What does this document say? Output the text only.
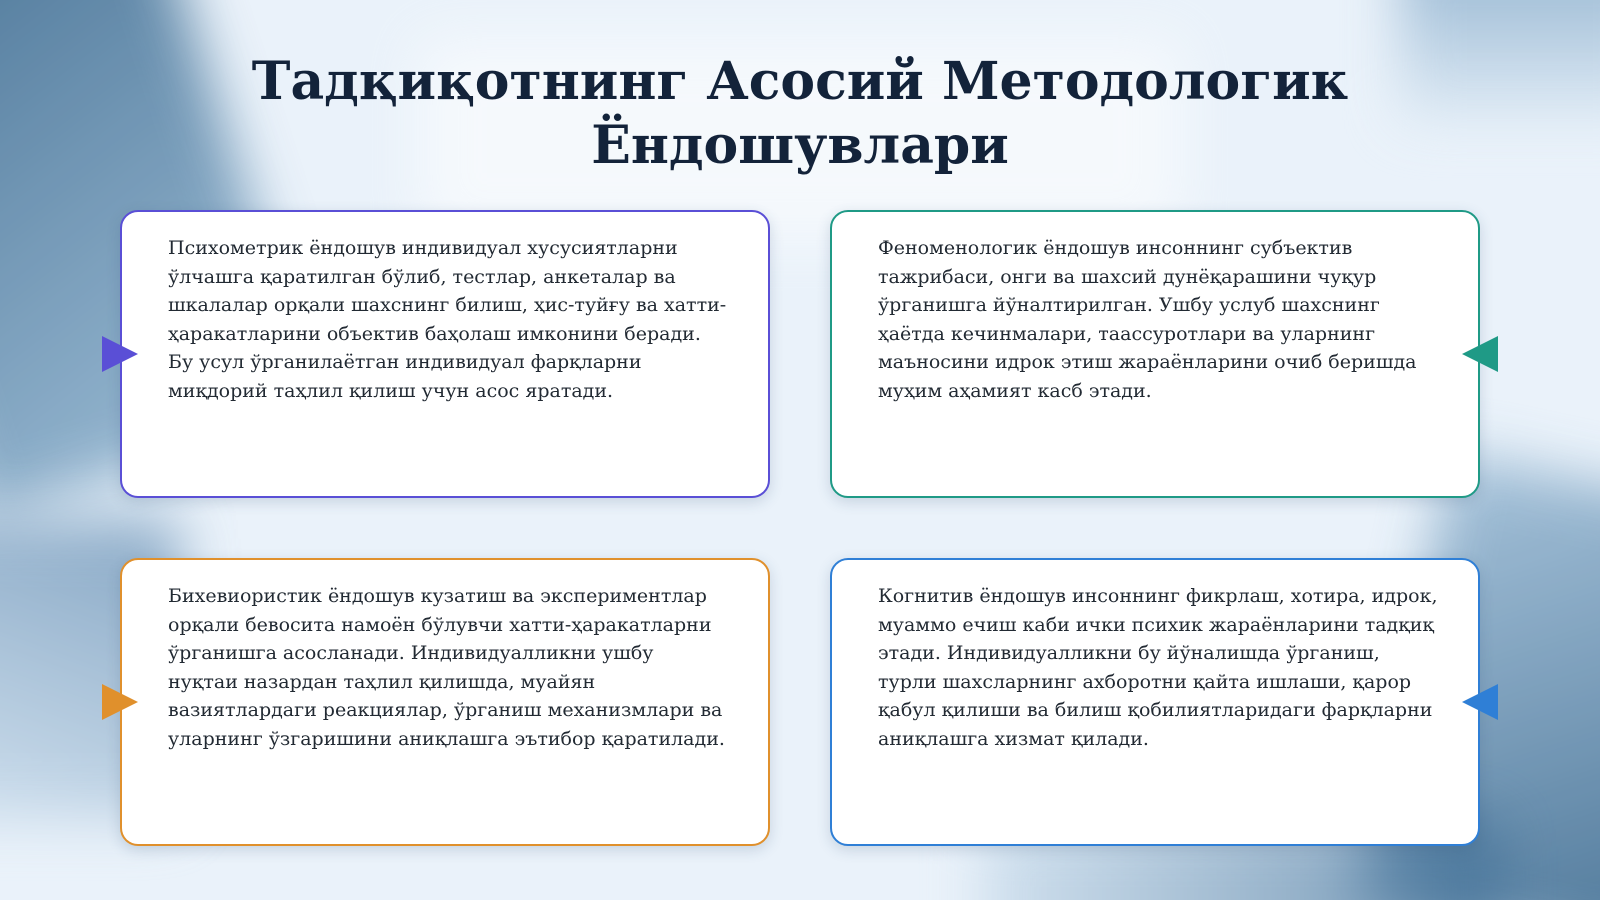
Тадқиқотнинг Асосий Методологик
Ёндошувлари

Психометрик ёндошув индивидуал хусусиятларни ўлчашга қаратилган бўлиб, тестлар, анкеталар ва шкалалар орқали шахснинг билиш, ҳис-туйғу ва хатти-ҳаракатларини объектив баҳолаш имконини беради. Бу усул ўрганилаётган индивидуал фарқларни миқдорий таҳлил қилиш учун асос яратади.

Феноменологик ёндошув инсоннинг субъектив тажрибаси, онги ва шахсий дунёқарашини чуқур ўрганишга йўналтирилган. Ушбу услуб шахснинг ҳаётда кечинмалари, таассуротлари ва уларнинг маъносини идрок этиш жараёнларини очиб беришда муҳим аҳамият касб этади.

Бихевиористик ёндошув кузатиш ва экспериментлар орқали бевосита намоён бўлувчи хатти-ҳаракатларни ўрганишга асосланади. Индивидуалликни ушбу нуқтаи назардан таҳлил қилишда, муайян вазиятлардаги реакциялар, ўрганиш механизмлари ва уларнинг ўзгаришини аниқлашга эътибор қаратилади.

Когнитив ёндошув инсоннинг фикрлаш, хотира, идрок, муаммо ечиш каби ички психик жараёнларини тадқиқ этади. Индивидуалликни бу йўналишда ўрганиш, турли шахсларнинг ахборотни қайта ишлаши, қарор қабул қилиши ва билиш қобилиятларидаги фарқларни аниқлашга хизмат қилади.
